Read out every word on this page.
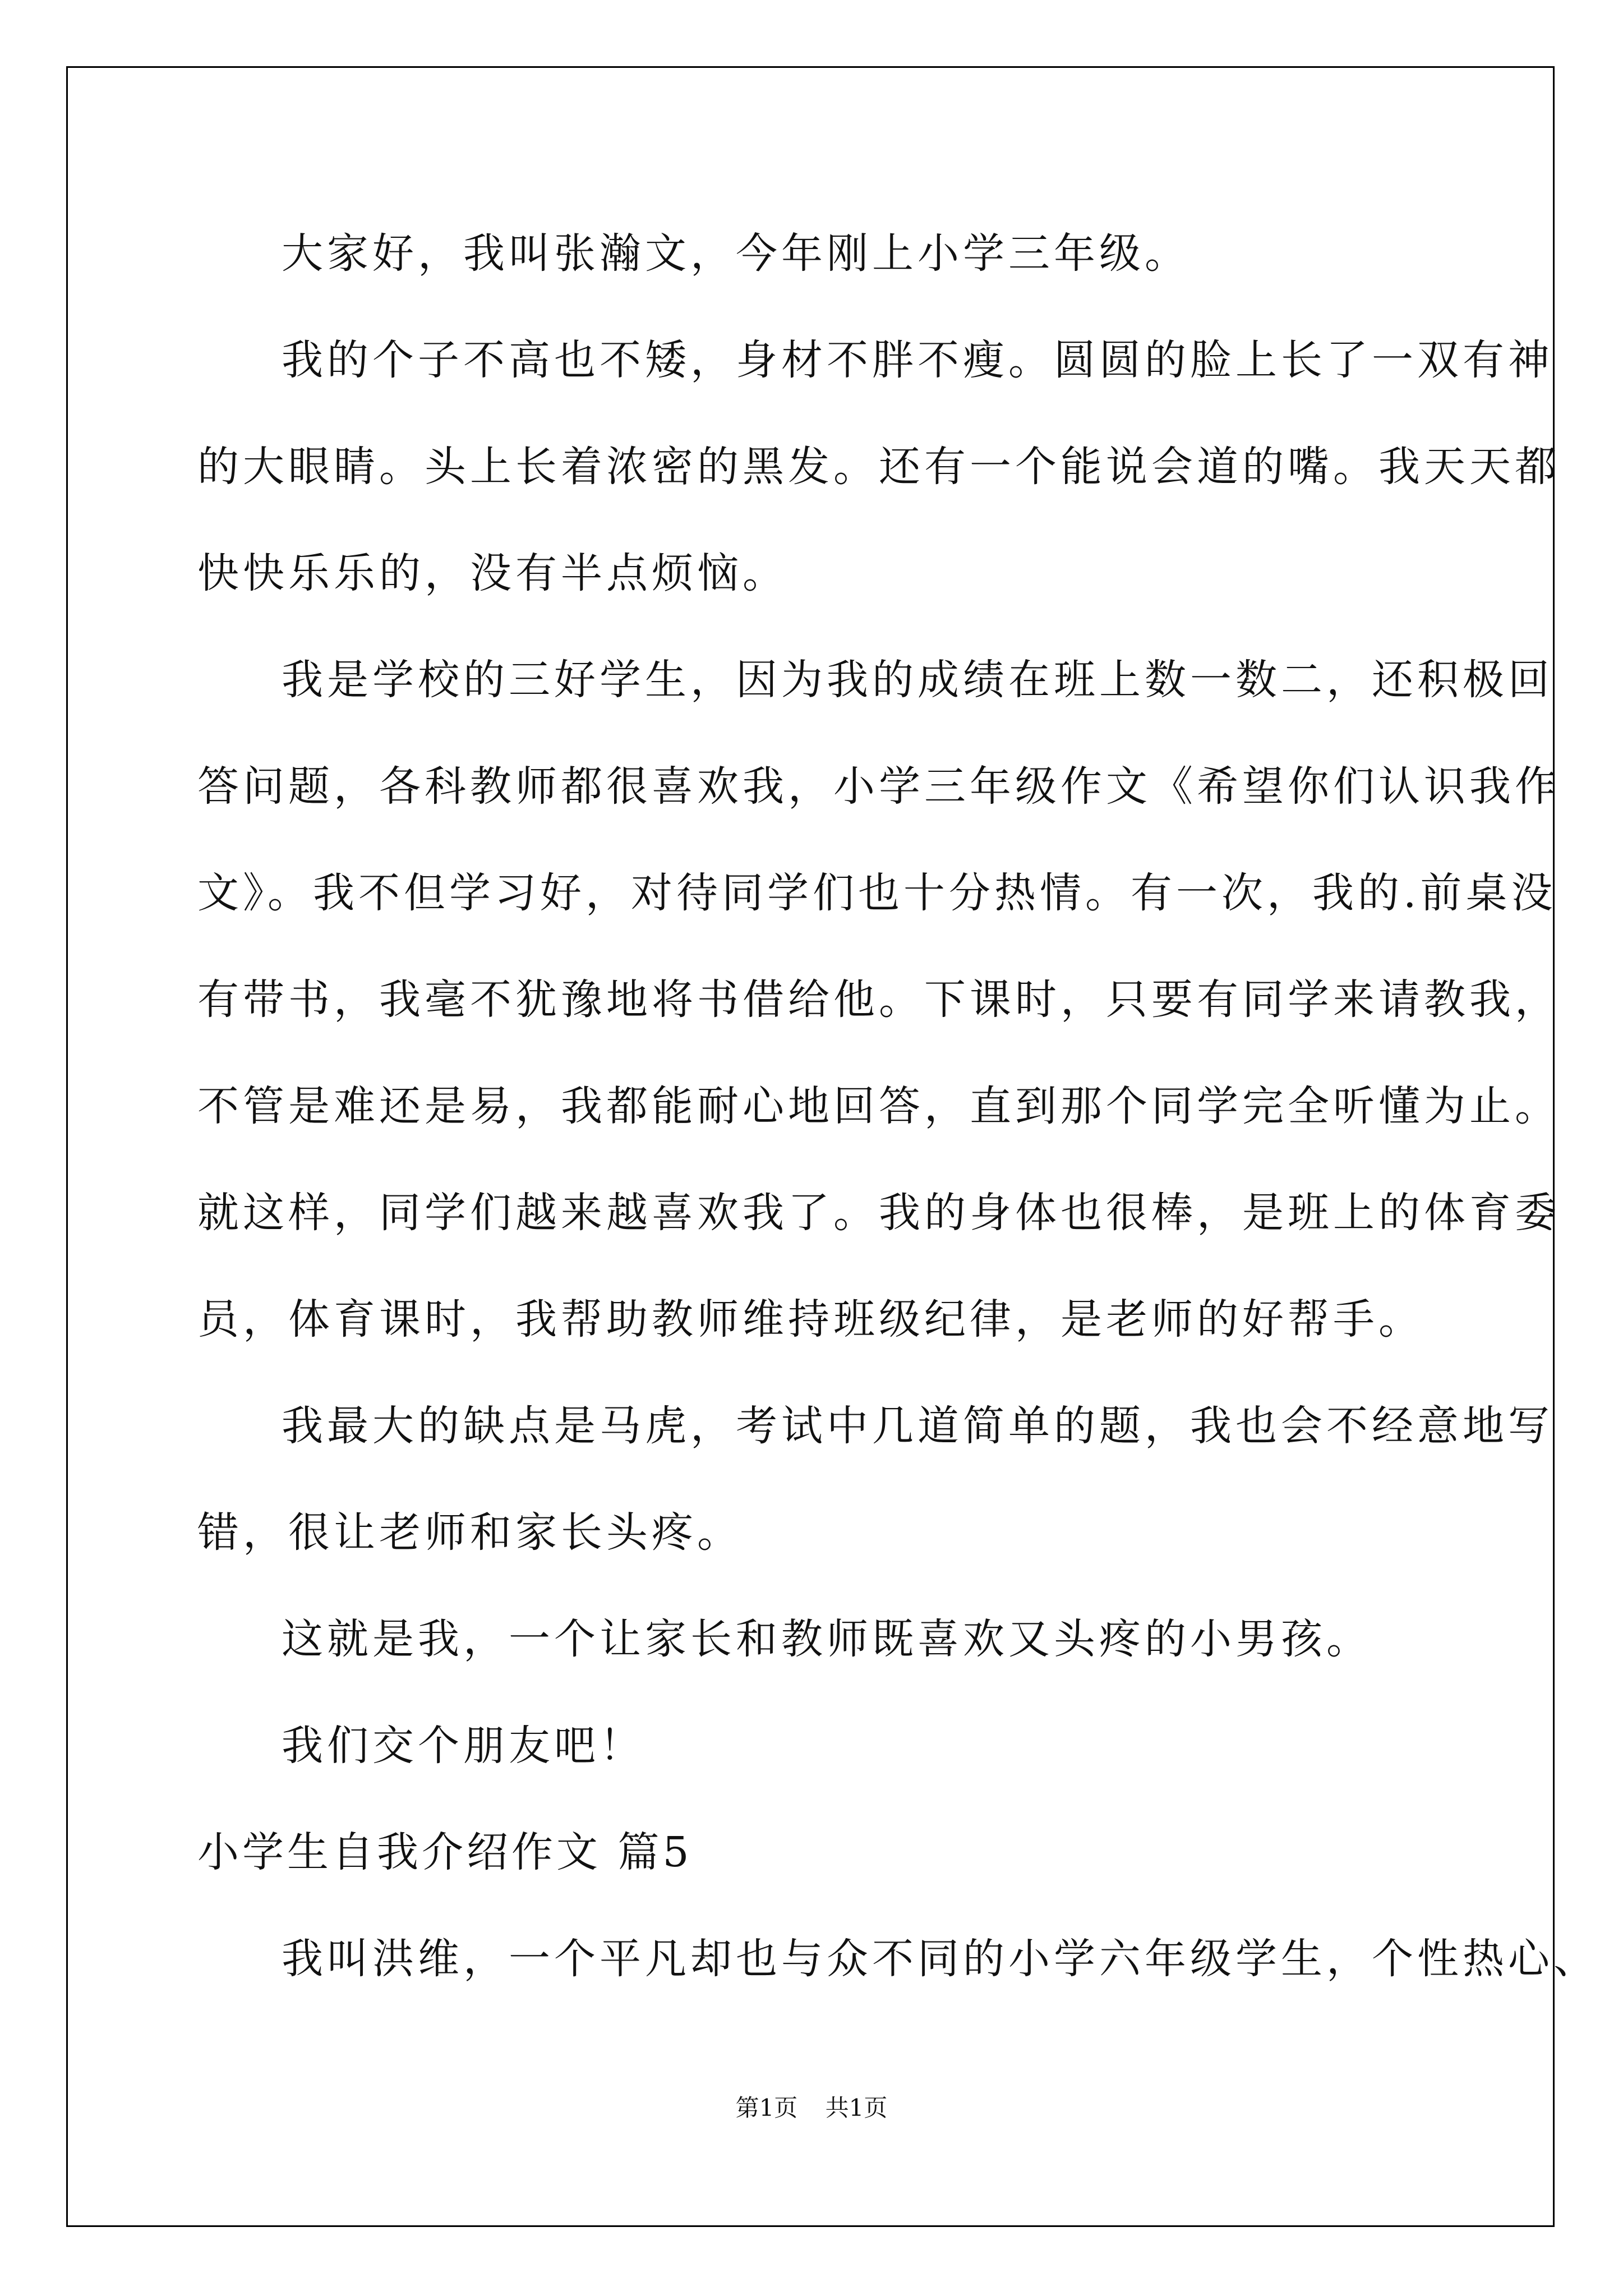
大家好，我叫张瀚文，今年刚上小学三年级。
我的个子不高也不矮，身材不胖不瘦。圆圆的脸上长了一双有神
的大眼睛。头上长着浓密的黑发。还有一个能说会道的嘴。我天天都
快快乐乐的，没有半点烦恼。
我是学校的三好学生，因为我的成绩在班上数一数二，还积极回
答问题，各科教师都很喜欢我，小学三年级作文《希望你们认识我作
文》。我不但学习好，对待同学们也十分热情。有一次，我的.前桌没
有带书，我毫不犹豫地将书借给他。下课时，只要有同学来请教我，
不管是难还是易，我都能耐心地回答，直到那个同学完全听懂为止。
就这样，同学们越来越喜欢我了。我的身体也很棒，是班上的体育委
员，体育课时，我帮助教师维持班级纪律，是老师的好帮手。
我最大的缺点是马虎，考试中几道简单的题，我也会不经意地写
错，很让老师和家长头疼。
这就是我，一个让家长和教师既喜欢又头疼的小男孩。
我们交个朋友吧！
小学生自我介绍作文 篇5
我叫洪维，一个平凡却也与众不同的小学六年级学生，个性热心、
第1页 共1页
